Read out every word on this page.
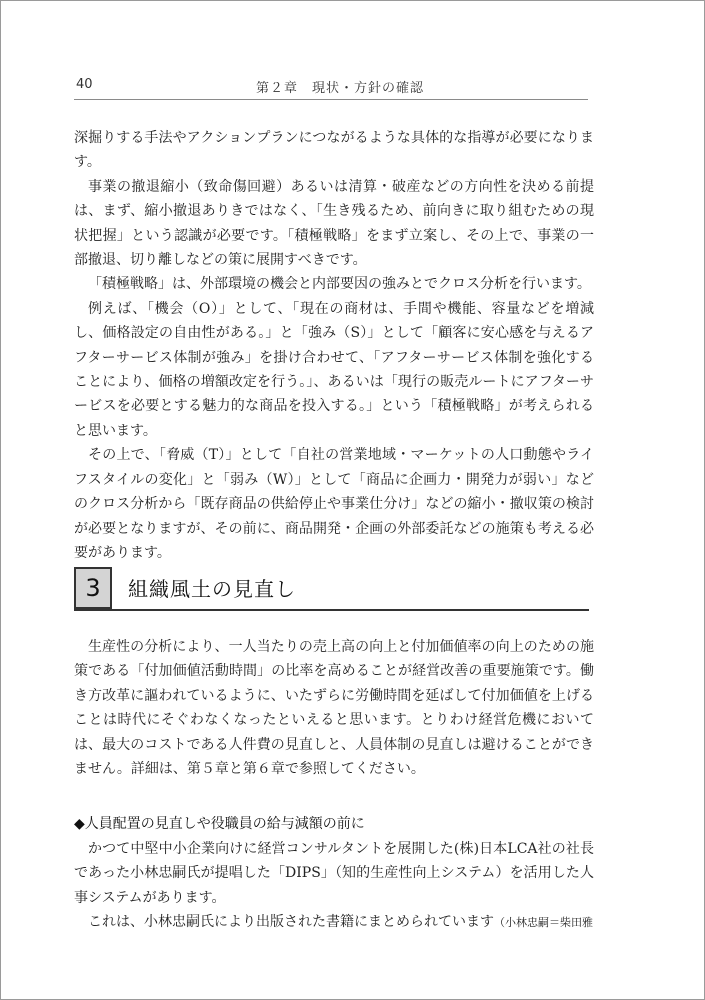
40	第２章　現状・方針の確認

深掘りする手法やアクションプランにつながるような具体的な指導が必要になります。

事業の撤退縮小（致命傷回避）あるいは清算・破産などの方向性を決める前提は、まず、縮小撤退ありきではなく、「生き残るため、前向きに取り組むための現状把握」という認識が必要です。「積極戦略」をまず立案し、その上で、事業の一部撤退、切り離しなどの策に展開すべきです。

「積極戦略」は、外部環境の機会と内部要因の強みとでクロス分析を行います。

例えば、「機会（O）」として、「現在の商材は、手間や機能、容量などを増減し、価格設定の自由性がある。」と「強み（S）」として「顧客に安心感を与えるアフターサービス体制が強み」を掛け合わせて、「アフターサービス体制を強化することにより、価格の増額改定を行う。」、あるいは「現行の販売ルートにアフターサービスを必要とする魅力的な商品を投入する。」という「積極戦略」が考えられると思います。

その上で、「脅威（T）」として「自社の営業地域・マーケットの人口動態やライフスタイルの変化」と「弱み（W）」として「商品に企画力・開発力が弱い」などのクロス分析から「既存商品の供給停止や事業仕分け」などの縮小・撤収策の検討が必要となりますが、その前に、商品開発・企画の外部委託などの施策も考える必要があります。

3	組織風土の見直し

生産性の分析により、一人当たりの売上高の向上と付加価値率の向上のための施策である「付加価値活動時間」の比率を高めることが経営改善の重要施策です。働き方改革に謳われているように、いたずらに労働時間を延ばして付加価値を上げることは時代にそぐわなくなったといえると思います。とりわけ経営危機においては、最大のコストである人件費の見直しと、人員体制の見直しは避けることができません。詳細は、第５章と第６章で参照してください。

◆人員配置の見直しや役職員の給与減額の前に

かつて中堅中小企業向けに経営コンサルタントを展開した(株)日本LCA社の社長であった小林忠嗣氏が提唱した「DIPS」（知的生産性向上システム）を活用した人事システムがあります。

これは、小林忠嗣氏により出版された書籍にまとめられています（小林忠嗣＝柴田雅
